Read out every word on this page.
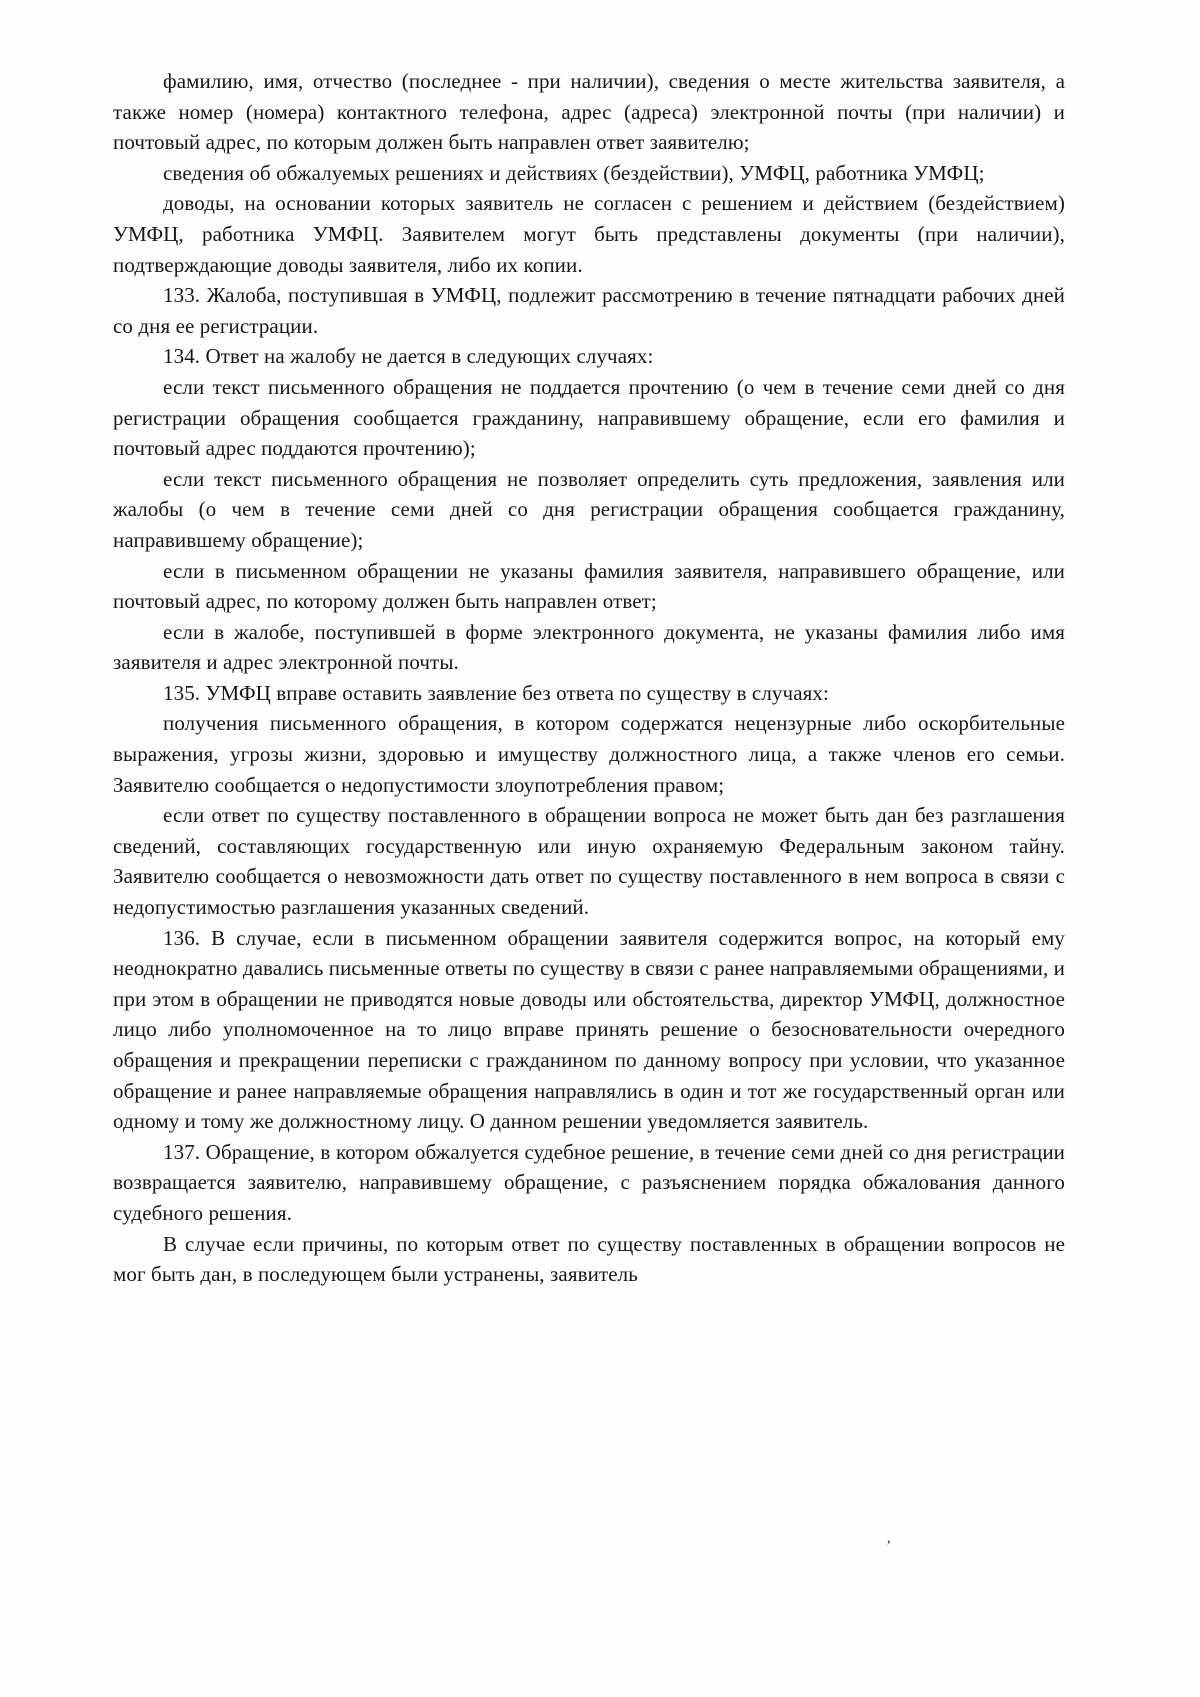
фамилию, имя, отчество (последнее - при наличии), сведения о месте жительства заявителя, а также номер (номера) контактного телефона, адрес (адреса) электронной почты (при наличии) и почтовый адрес, по которым должен быть направлен ответ заявителю;

сведения об обжалуемых решениях и действиях (бездействии), УМФЦ, работника УМФЦ;

доводы, на основании которых заявитель не согласен с решением и действием (бездействием) УМФЦ, работника УМФЦ. Заявителем могут быть представлены документы (при наличии), подтверждающие доводы заявителя, либо их копии.

133. Жалоба, поступившая в УМФЦ, подлежит рассмотрению в течение пятнадцати рабочих дней со дня ее регистрации.

134. Ответ на жалобу не дается в следующих случаях:

если текст письменного обращения не поддается прочтению (о чем в течение семи дней со дня регистрации обращения сообщается гражданину, направившему обращение, если его фамилия и почтовый адрес поддаются прочтению);

если текст письменного обращения не позволяет определить суть предложения, заявления или жалобы (о чем в течение семи дней со дня регистрации обращения сообщается гражданину, направившему обращение);

если в письменном обращении не указаны фамилия заявителя, направившего обращение, или почтовый адрес, по которому должен быть направлен ответ;

если в жалобе, поступившей в форме электронного документа, не указаны фамилия либо имя заявителя и адрес электронной почты.

135. УМФЦ вправе оставить заявление без ответа по существу в случаях:

получения письменного обращения, в котором содержатся нецензурные либо оскорбительные выражения, угрозы жизни, здоровью и имуществу должностного лица, а также членов его семьи. Заявителю сообщается о недопустимости злоупотребления правом;

если ответ по существу поставленного в обращении вопроса не может быть дан без разглашения сведений, составляющих государственную или иную охраняемую Федеральным законом тайну. Заявителю сообщается о невозможности дать ответ по существу поставленного в нем вопроса в связи с недопустимостью разглашения указанных сведений.

136. В случае, если в письменном обращении заявителя содержится вопрос, на который ему неоднократно давались письменные ответы по существу в связи с ранее направляемыми обращениями, и при этом в обращении не приводятся новые доводы или обстоятельства, директор УМФЦ, должностное лицо либо уполномоченное на то лицо вправе принять решение о безосновательности очередного обращения и прекращении переписки с гражданином по данному вопросу при условии, что указанное обращение и ранее направляемые обращения направлялись в один и тот же государственный орган или одному и тому же должностному лицу. О данном решении уведомляется заявитель.

137. Обращение, в котором обжалуется судебное решение, в течение семи дней со дня регистрации возвращается заявителю, направившему обращение, с разъяснением порядка обжалования данного судебного решения.

В случае если причины, по которым ответ по существу поставленных в обращении вопросов не мог быть дан, в последующем были устранены, заявитель

’
